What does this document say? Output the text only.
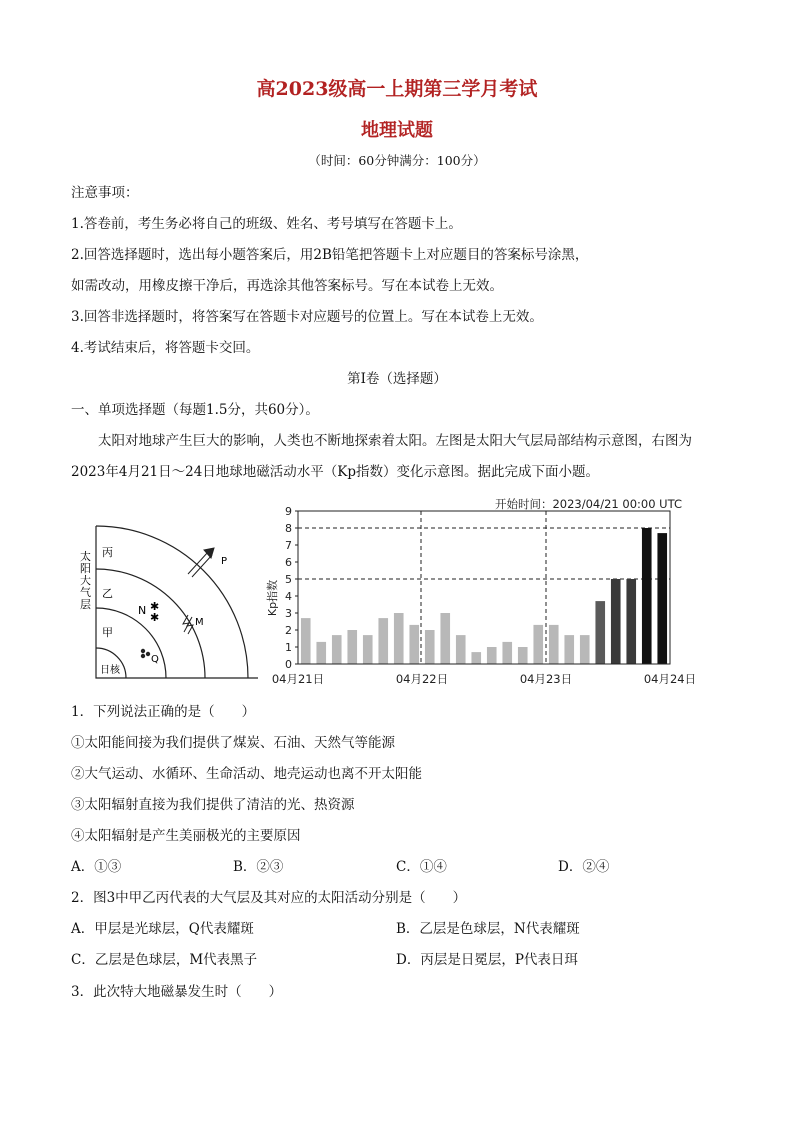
高2023级高一上期第三学月考试
地理试题
（时间：60分钟满分：100分）
注意事项：
1.答卷前，考生务必将自己的班级、姓名、考号填写在答题卡上。
2.回答选择题时，选出每小题答案后，用2B铅笔把答题卡上对应题目的答案标号涂黑，
如需改动，用橡皮擦干净后，再选涂其他答案标号。写在本试卷上无效。
3.回答非选择题时，将答案写在答题卡对应题号的位置上。写在本试卷上无效。
4.考试结束后，将答题卡交回。
第Ⅰ卷（选择题）
一、单项选择题（每题1.5分，共60分）。
太阳对地球产生巨大的影响，人类也不断地探索着太阳。左图是太阳大气层局部结构示意图，右图为
2023年4月21日～24日地球地磁活动水平（Kp指数）变化示意图。据此完成下面小题。
太阳大气层
丙
乙
甲
日核
P
N ✱
✱	M
Q
开始时间：2023/04/21 00:00 UTC
Kp指数
0
1
2
3
4
5
6
7
8
9
04月21日	04月22日	04月23日	04月24日
1．下列说法正确的是（　　）
①太阳能间接为我们提供了煤炭、石油、天然气等能源
②大气运动、水循环、生命活动、地壳运动也离不开太阳能
③太阳辐射直接为我们提供了清洁的光、热资源
④太阳辐射是产生美丽极光的主要原因
A．①③	B．②③	C．①④	D．②④
2．图3中甲乙丙代表的大气层及其对应的太阳活动分别是（　　）
A．甲层是光球层，Q代表耀斑	B．乙层是色球层，N代表耀斑
C．乙层是色球层，M代表黑子	D．丙层是日冕层，P代表日珥
3．此次特大地磁暴发生时（　　）
